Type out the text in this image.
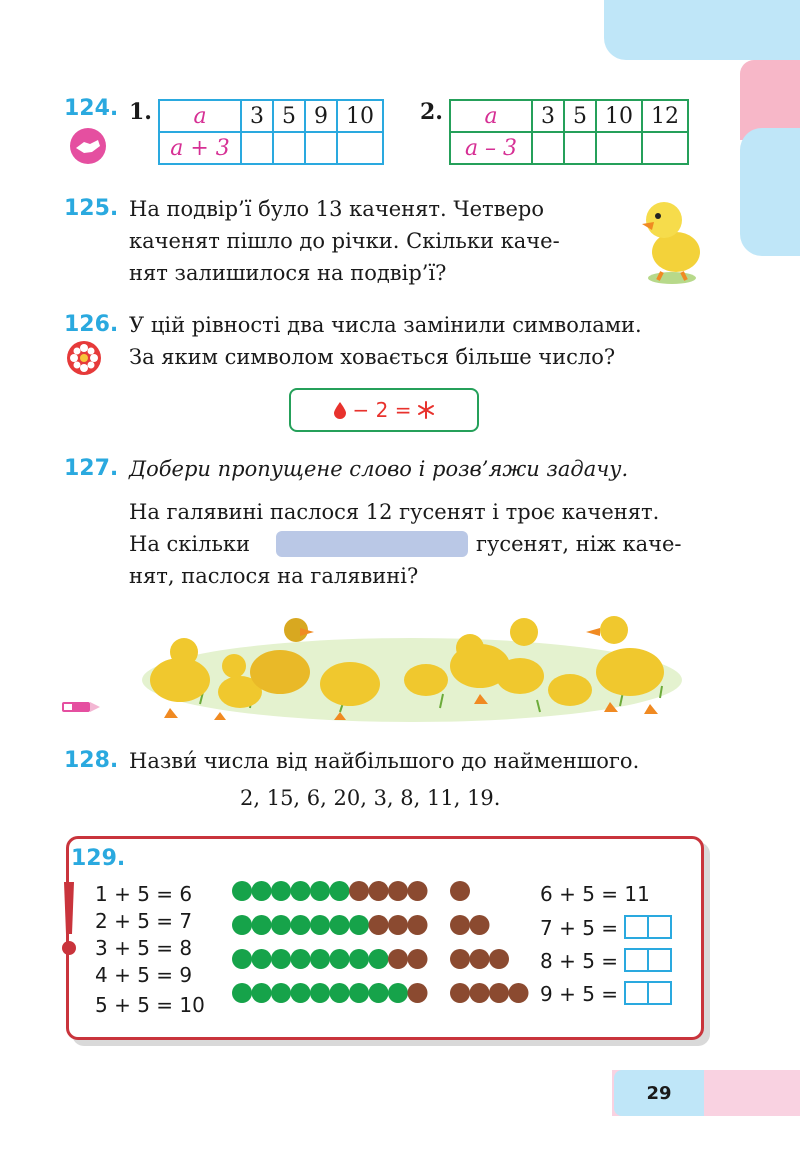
124. 1. a	3	5	9	10
a + 3				
2. a	3	5	10	12
a – 3				
125. На подвір’ї було 13 каченят. Четверо
каченят пішло до річки. Скільки каче-
нят залишилося на подвір’ї?
126. У цій рівності два числа замінили символами.
За яким символом ховається більше число?
− 2 =
127. Добери пропущене слово і розв’яжи задачу.
На галявині паслося 12 гусенят і троє каченят.
На скільки	гусенят, ніж каче-
нят, паслося на галявині?
128. Назви́ числа від найбільшого до найменшого.
2, 15, 6, 20, 3, 8, 11, 19.
129.
1 + 5 = 6
2 + 5 = 7
3 + 5 = 8
4 + 5 = 9
5 + 5 = 10
6 + 5 = 11
7 + 5 =
8 + 5 =
9 + 5 =
29
